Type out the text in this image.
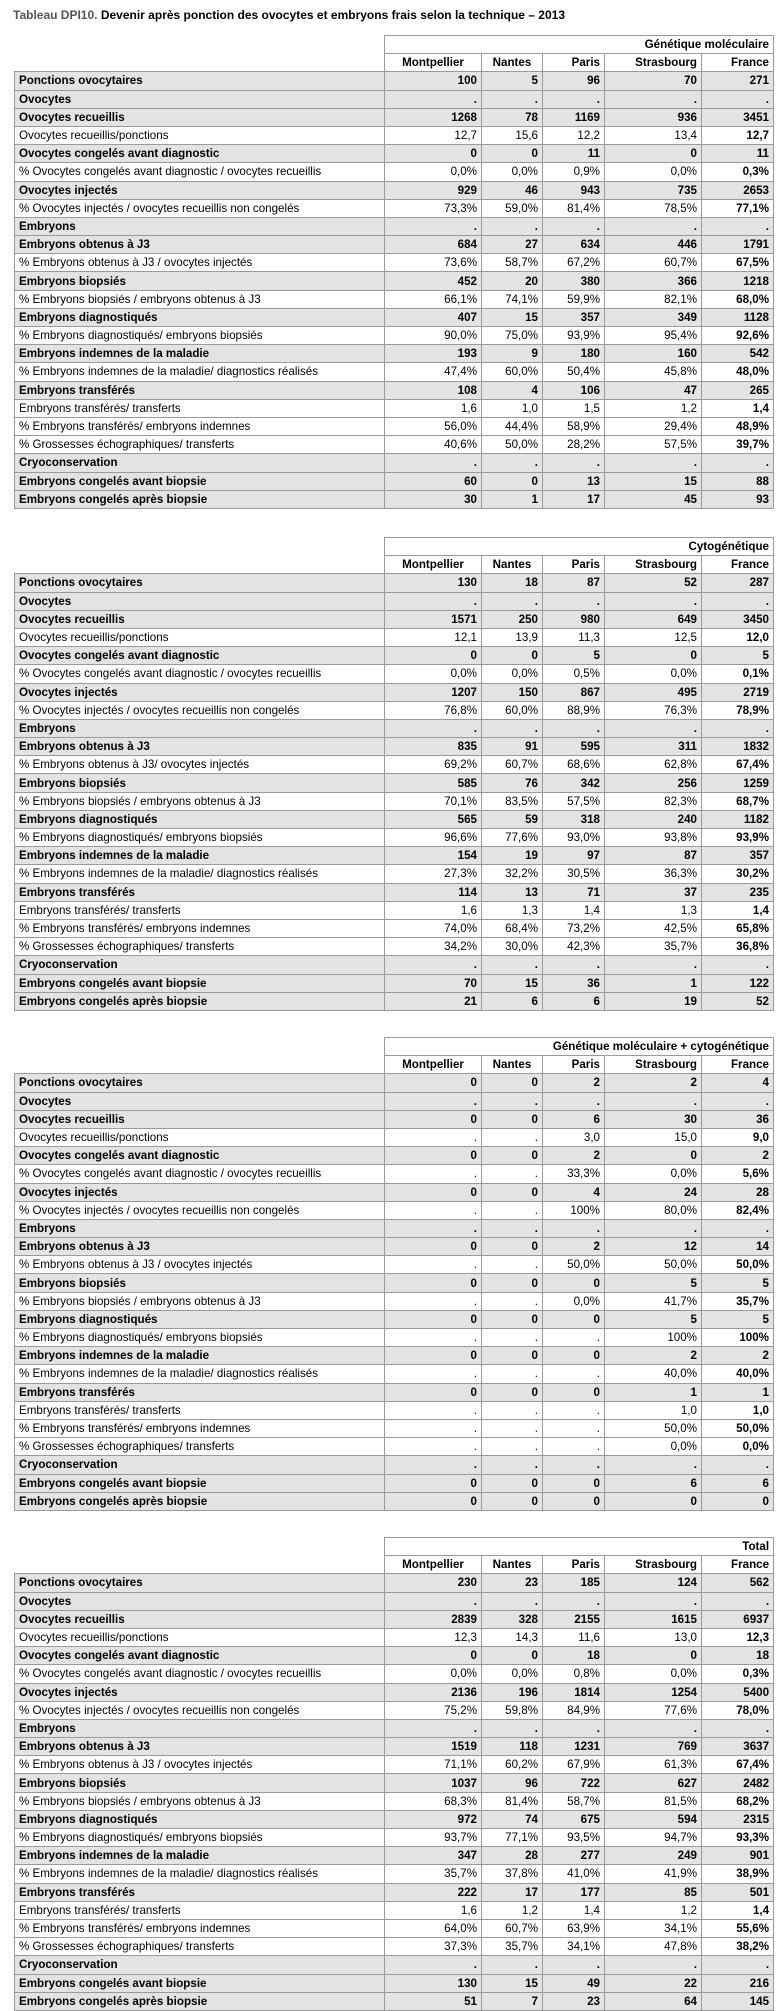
Tableau DPI10. Devenir après ponction des ovocytes et embryons frais selon la technique – 2013
	Génétique moléculaire				
	Montpellier	Nantes	Paris	Strasbourg	France
Ponctions ovocytaires	100	5	96	70	271
Ovocytes	.	.	.	.	.
Ovocytes recueillis	1268	78	1169	936	3451
Ovocytes recueillis/ponctions	12,7	15,6	12,2	13,4	12,7
Ovocytes congelés avant diagnostic	0	0	11	0	11
% Ovocytes congelés avant diagnostic / ovocytes recueillis	0,0%	0,0%	0,9%	0,0%	0,3%
Ovocytes injectés	929	46	943	735	2653
% Ovocytes injectés / ovocytes recueillis non congelés	73,3%	59,0%	81,4%	78,5%	77,1%
Embryons	.	.	.	.	.
Embryons obtenus à J3	684	27	634	446	1791
% Embryons obtenus à J3 / ovocytes injectés	73,6%	58,7%	67,2%	60,7%	67,5%
Embryons biopsiés	452	20	380	366	1218
% Embryons biopsiés / embryons obtenus à J3	66,1%	74,1%	59,9%	82,1%	68,0%
Embryons diagnostiqués	407	15	357	349	1128
% Embryons diagnostiqués/ embryons biopsiés	90,0%	75,0%	93,9%	95,4%	92,6%
Embryons indemnes de la maladie	193	9	180	160	542
% Embryons indemnes de la maladie/ diagnostics réalisés	47,4%	60,0%	50,4%	45,8%	48,0%
Embryons transférés	108	4	106	47	265
Embryons transférés/ transferts	1,6	1,0	1,5	1,2	1,4
% Embryons transférés/ embryons indemnes	56,0%	44,4%	58,9%	29,4%	48,9%
% Grossesses échographiques/ transferts	40,6%	50,0%	28,2%	57,5%	39,7%
Cryoconservation	.	.	.	.	.
Embryons congelés avant biopsie	60	0	13	15	88
Embryons congelés après biopsie	30	1	17	45	93
	Cytogénétique				
	Montpellier	Nantes	Paris	Strasbourg	France
Ponctions ovocytaires	130	18	87	52	287
Ovocytes	.	.	.	.	.
Ovocytes recueillis	1571	250	980	649	3450
Ovocytes recueillis/ponctions	12,1	13,9	11,3	12,5	12,0
Ovocytes congelés avant diagnostic	0	0	5	0	5
% Ovocytes congelés avant diagnostic / ovocytes recueillis	0,0%	0,0%	0,5%	0,0%	0,1%
Ovocytes injectés	1207	150	867	495	2719
% Ovocytes injectés / ovocytes recueillis non congelés	76,8%	60,0%	88,9%	76,3%	78,9%
Embryons	.	.	.	.	.
Embryons obtenus à J3	835	91	595	311	1832
% Embryons obtenus à J3/ ovocytes injectés	69,2%	60,7%	68,6%	62,8%	67,4%
Embryons biopsiés	585	76	342	256	1259
% Embryons biopsiés / embryons obtenus à J3	70,1%	83,5%	57,5%	82,3%	68,7%
Embryons diagnostiqués	565	59	318	240	1182
% Embryons diagnostiqués/ embryons biopsiés	96,6%	77,6%	93,0%	93,8%	93,9%
Embryons indemnes de la maladie	154	19	97	87	357
% Embryons indemnes de la maladie/ diagnostics réalisés	27,3%	32,2%	30,5%	36,3%	30,2%
Embryons transférés	114	13	71	37	235
Embryons transférés/ transferts	1,6	1,3	1,4	1,3	1,4
% Embryons transférés/ embryons indemnes	74,0%	68,4%	73,2%	42,5%	65,8%
% Grossesses échographiques/ transferts	34,2%	30,0%	42,3%	35,7%	36,8%
Cryoconservation	.	.	.	.	.
Embryons congelés avant biopsie	70	15	36	1	122
Embryons congelés après biopsie	21	6	6	19	52
	Génétique moléculaire + cytogénétique				
	Montpellier	Nantes	Paris	Strasbourg	France
Ponctions ovocytaires	0	0	2	2	4
Ovocytes	.	.	.	.	.
Ovocytes recueillis	0	0	6	30	36
Ovocytes recueillis/ponctions	.	.	3,0	15,0	9,0
Ovocytes congelés avant diagnostic	0	0	2	0	2
% Ovocytes congelés avant diagnostic / ovocytes recueillis	.	.	33,3%	0,0%	5,6%
Ovocytes injectés	0	0	4	24	28
% Ovocytes injectés / ovocytes recueillis non congelés	.	.	100%	80,0%	82,4%
Embryons	.	.	.	.	.
Embryons obtenus à J3	0	0	2	12	14
% Embryons obtenus à J3 / ovocytes injectés	.	.	50,0%	50,0%	50,0%
Embryons biopsiés	0	0	0	5	5
% Embryons biopsiés / embryons obtenus à J3	.	.	0,0%	41,7%	35,7%
Embryons diagnostiqués	0	0	0	5	5
% Embryons diagnostiqués/ embryons biopsiés	.	.	.	100%	100%
Embryons indemnes de la maladie	0	0	0	2	2
% Embryons indemnes de la maladie/ diagnostics réalisés	.	.	.	40,0%	40,0%
Embryons transférés	0	0	0	1	1
Embryons transférés/ transferts	.	.	.	1,0	1,0
% Embryons transférés/ embryons indemnes	.	.	.	50,0%	50,0%
% Grossesses échographiques/ transferts	.	.	.	0,0%	0,0%
Cryoconservation	.	.	.	.	.
Embryons congelés avant biopsie	0	0	0	6	6
Embryons congelés après biopsie	0	0	0	0	0
	Total				
	Montpellier	Nantes	Paris	Strasbourg	France
Ponctions ovocytaires	230	23	185	124	562
Ovocytes	.	.	.	.	.
Ovocytes recueillis	2839	328	2155	1615	6937
Ovocytes recueillis/ponctions	12,3	14,3	11,6	13,0	12,3
Ovocytes congelés avant diagnostic	0	0	18	0	18
% Ovocytes congelés avant diagnostic / ovocytes recueillis	0,0%	0,0%	0,8%	0,0%	0,3%
Ovocytes injectés	2136	196	1814	1254	5400
% Ovocytes injectés / ovocytes recueillis non congelés	75,2%	59,8%	84,9%	77,6%	78,0%
Embryons	.	.	.	.	.
Embryons obtenus à J3	1519	118	1231	769	3637
% Embryons obtenus à J3 / ovocytes injectés	71,1%	60,2%	67,9%	61,3%	67,4%
Embryons biopsiés	1037	96	722	627	2482
% Embryons biopsiés / embryons obtenus à J3	68,3%	81,4%	58,7%	81,5%	68,2%
Embryons diagnostiqués	972	74	675	594	2315
% Embryons diagnostiqués/ embryons biopsiés	93,7%	77,1%	93,5%	94,7%	93,3%
Embryons indemnes de la maladie	347	28	277	249	901
% Embryons indemnes de la maladie/ diagnostics réalisés	35,7%	37,8%	41,0%	41,9%	38,9%
Embryons transférés	222	17	177	85	501
Embryons transférés/ transferts	1,6	1,2	1,4	1,2	1,4
% Embryons transférés/ embryons indemnes	64,0%	60,7%	63,9%	34,1%	55,6%
% Grossesses échographiques/ transferts	37,3%	35,7%	34,1%	47,8%	38,2%
Cryoconservation	.	.	.	.	.
Embryons congelés avant biopsie	130	15	49	22	216
Embryons congelés après biopsie	51	7	23	64	145
